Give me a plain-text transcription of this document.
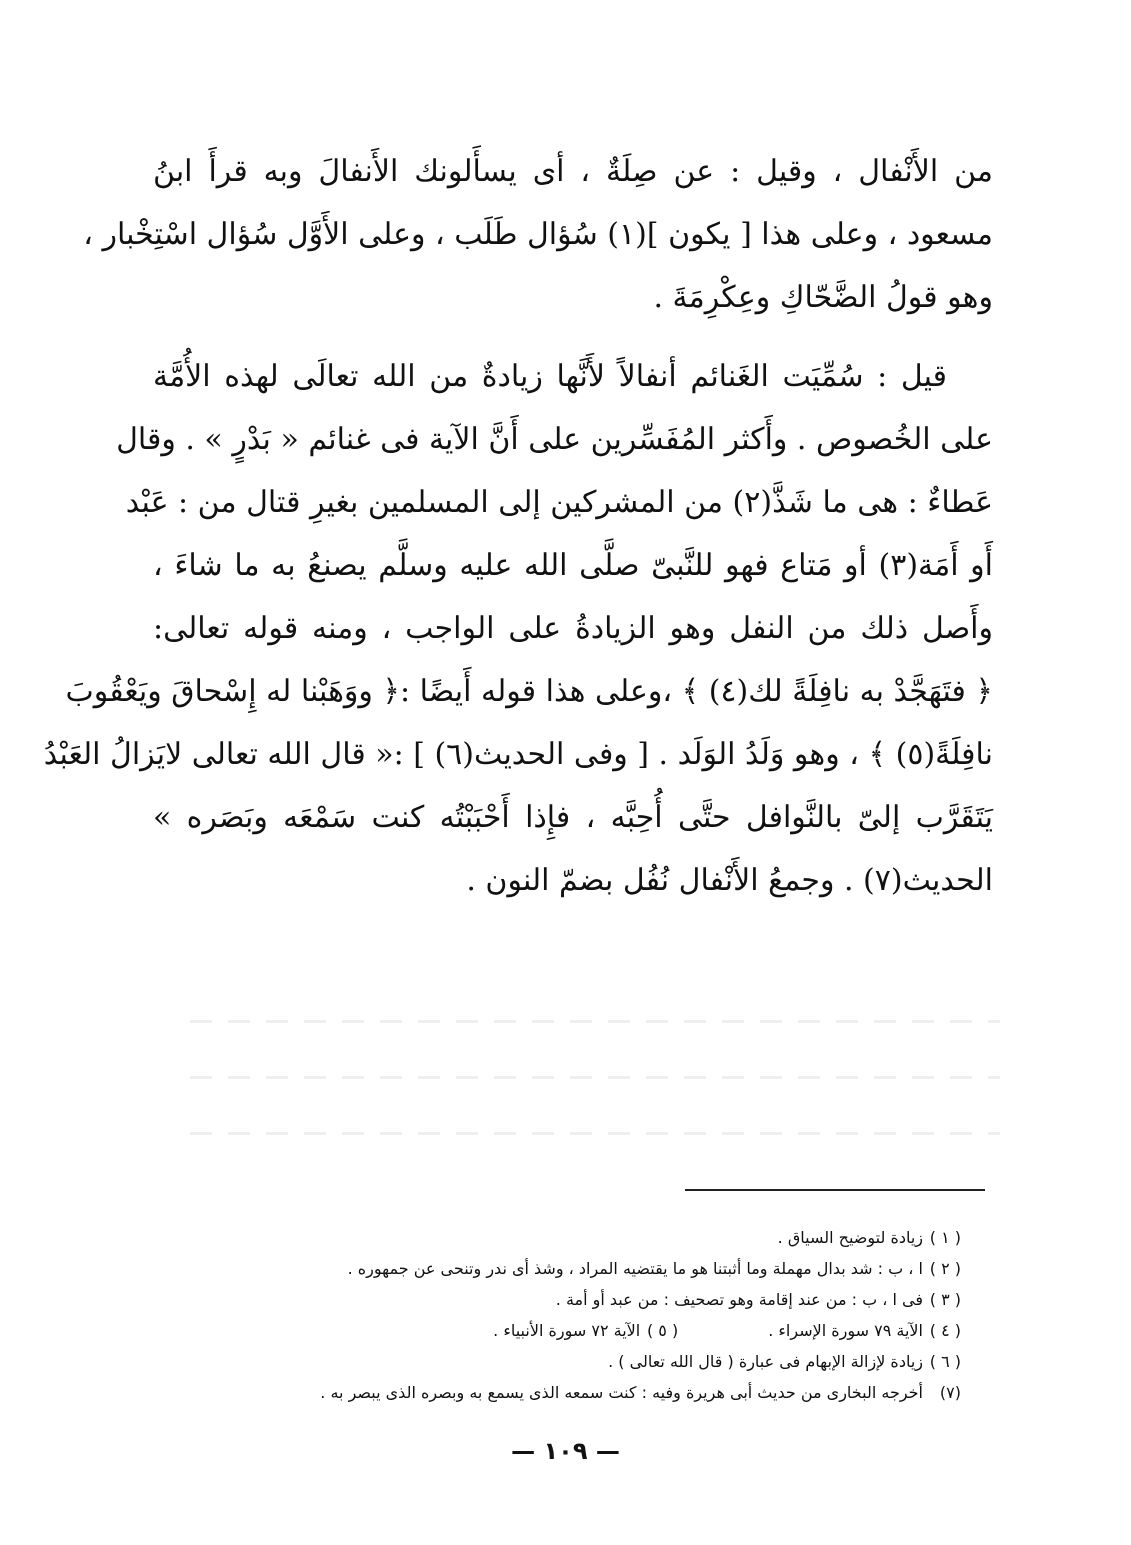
من الأَنْفال ، وقيل : عن صِلَةٌ ، أى يسأَلونك الأَنفالَ وبه قرأَ ابنُ
مسعود ، وعلى هذا [ يكون ](١) سُؤال طَلَب ، وعلى الأَوَّل سُؤال اسْتِخْبار ،
وهو قولُ الضَّحّاكِ وعِكْرِمَةَ .
قيل : سُمِّيَت الغَنائم أنفالاً لأَنَّها زيادةٌ من الله تعالَى لهذه الأُمَّة
على الخُصوص . وأَكثر المُفَسِّرين على أَنَّ الآية فى غنائم « بَدْرٍ » . وقال
عَطاءٌ : هى ما شَذَّ(٢) من المشركين إلى المسلمين بغيرِ قتال من : عَبْد
أَو أَمَة(٣) أو مَتاع فهو للنَّبىّ صلَّى الله عليه وسلَّم يصنعُ به ما شاءَ ،
وأَصل ذلك من النفل وهو الزيادةُ على الواجب ، ومنه قوله تعالى:
﴿ فتَهَجَّدْ به نافِلَةً لك(٤) ﴾ ،وعلى هذا قوله أَيضًا :﴿ ووَهَبْنا له إِسْحاقَ ويَعْقُوبَ
نافِلَةً(٥) ﴾ ، وهو وَلَدُ الوَلَد . [ وفى الحديث(٦) ] :« قال الله تعالى لايَزالُ العَبْدُ
يَتَقَرَّب إلىّ بالنَّوافل حتَّى أُحِبَّه ، فإِذا أَحْبَبْتُه كنت سَمْعَه وبَصَره »
الحديث(٧) . وجمعُ الأَنْفال نُفُل بضمّ النون .
( ١ )زيادة لتوضيح السياق .
( ٢ )ا ، ب : شد بدال مهملة وما أثبتنا هو ما يقتضيه المراد ، وشذ أى ندر وتنحى عن جمهوره .
( ٣ )فى ا ، ب : من عند إقامة وهو تصحيف : من عبد أو أمة .
( ٤ )الآية ٧٩ سورة الإسراء .( ٥ )الآية ٧٢ سورة الأنبياء .
( ٦ )زيادة لإزالة الإبهام فى عبارة ( قال الله تعالى ) .
(٧)أخرجه البخارى من حديث أبى هريرة وفيه : كنت سمعه الذى يسمع به وبصره الذى يبصر به .
— ١٠٩ —
